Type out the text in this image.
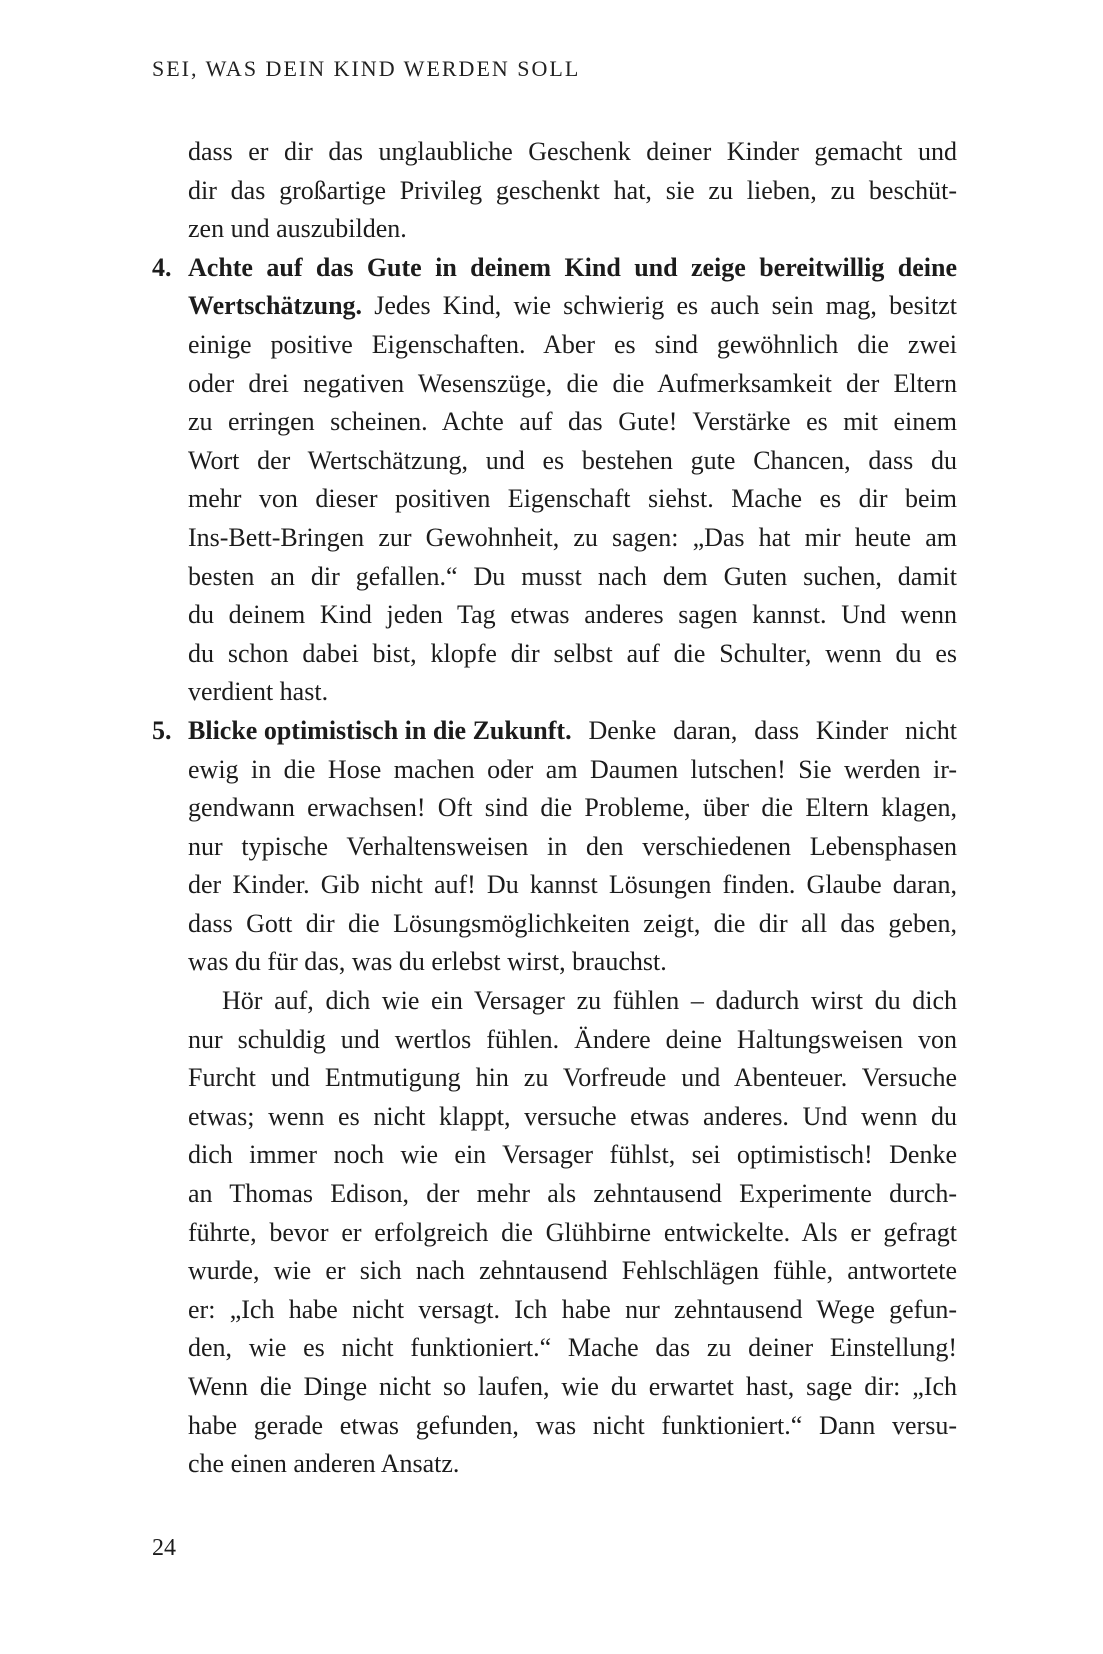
SEI, WAS DEIN KIND WERDEN SOLL
dass er dir das unglaubliche Geschenk deiner Kinder gemacht und
dir das großartige Privileg geschenkt hat, sie zu lieben, zu beschüt-
zen und auszubilden.
4. Achte auf das Gute in deinem Kind und zeige bereitwillig deine
Wertschätzung. Jedes Kind, wie schwierig es auch sein mag, besitzt
einige positive Eigenschaften. Aber es sind gewöhnlich die zwei
oder drei negativen Wesenszüge, die die Aufmerksamkeit der Eltern
zu erringen scheinen. Achte auf das Gute! Verstärke es mit einem
Wort der Wertschätzung, und es bestehen gute Chancen, dass du
mehr von dieser positiven Eigenschaft siehst. Mache es dir beim
Ins-Bett-Bringen zur Gewohnheit, zu sagen: „Das hat mir heute am
besten an dir gefallen.“ Du musst nach dem Guten suchen, damit
du deinem Kind jeden Tag etwas anderes sagen kannst. Und wenn
du schon dabei bist, klopfe dir selbst auf die Schulter, wenn du es
verdient hast.
5. Blicke optimistisch in die Zukunft. Denke daran, dass Kinder nicht
ewig in die Hose machen oder am Daumen lutschen! Sie werden ir-
gendwann erwachsen! Oft sind die Probleme, über die Eltern klagen,
nur typische Verhaltensweisen in den verschiedenen Lebensphasen
der Kinder. Gib nicht auf! Du kannst Lösungen finden. Glaube daran,
dass Gott dir die Lösungsmöglichkeiten zeigt, die dir all das geben,
was du für das, was du erlebst wirst, brauchst.
Hör auf, dich wie ein Versager zu fühlen – dadurch wirst du dich
nur schuldig und wertlos fühlen. Ändere deine Haltungsweisen von
Furcht und Entmutigung hin zu Vorfreude und Abenteuer. Versuche
etwas; wenn es nicht klappt, versuche etwas anderes. Und wenn du
dich immer noch wie ein Versager fühlst, sei optimistisch! Denke
an Thomas Edison, der mehr als zehntausend Experimente durch-
führte, bevor er erfolgreich die Glühbirne entwickelte. Als er gefragt
wurde, wie er sich nach zehntausend Fehlschlägen fühle, antwortete
er: „Ich habe nicht versagt. Ich habe nur zehntausend Wege gefun-
den, wie es nicht funktioniert.“ Mache das zu deiner Einstellung!
Wenn die Dinge nicht so laufen, wie du erwartet hast, sage dir: „Ich
habe gerade etwas gefunden, was nicht funktioniert.“ Dann versu-
che einen anderen Ansatz.
24
